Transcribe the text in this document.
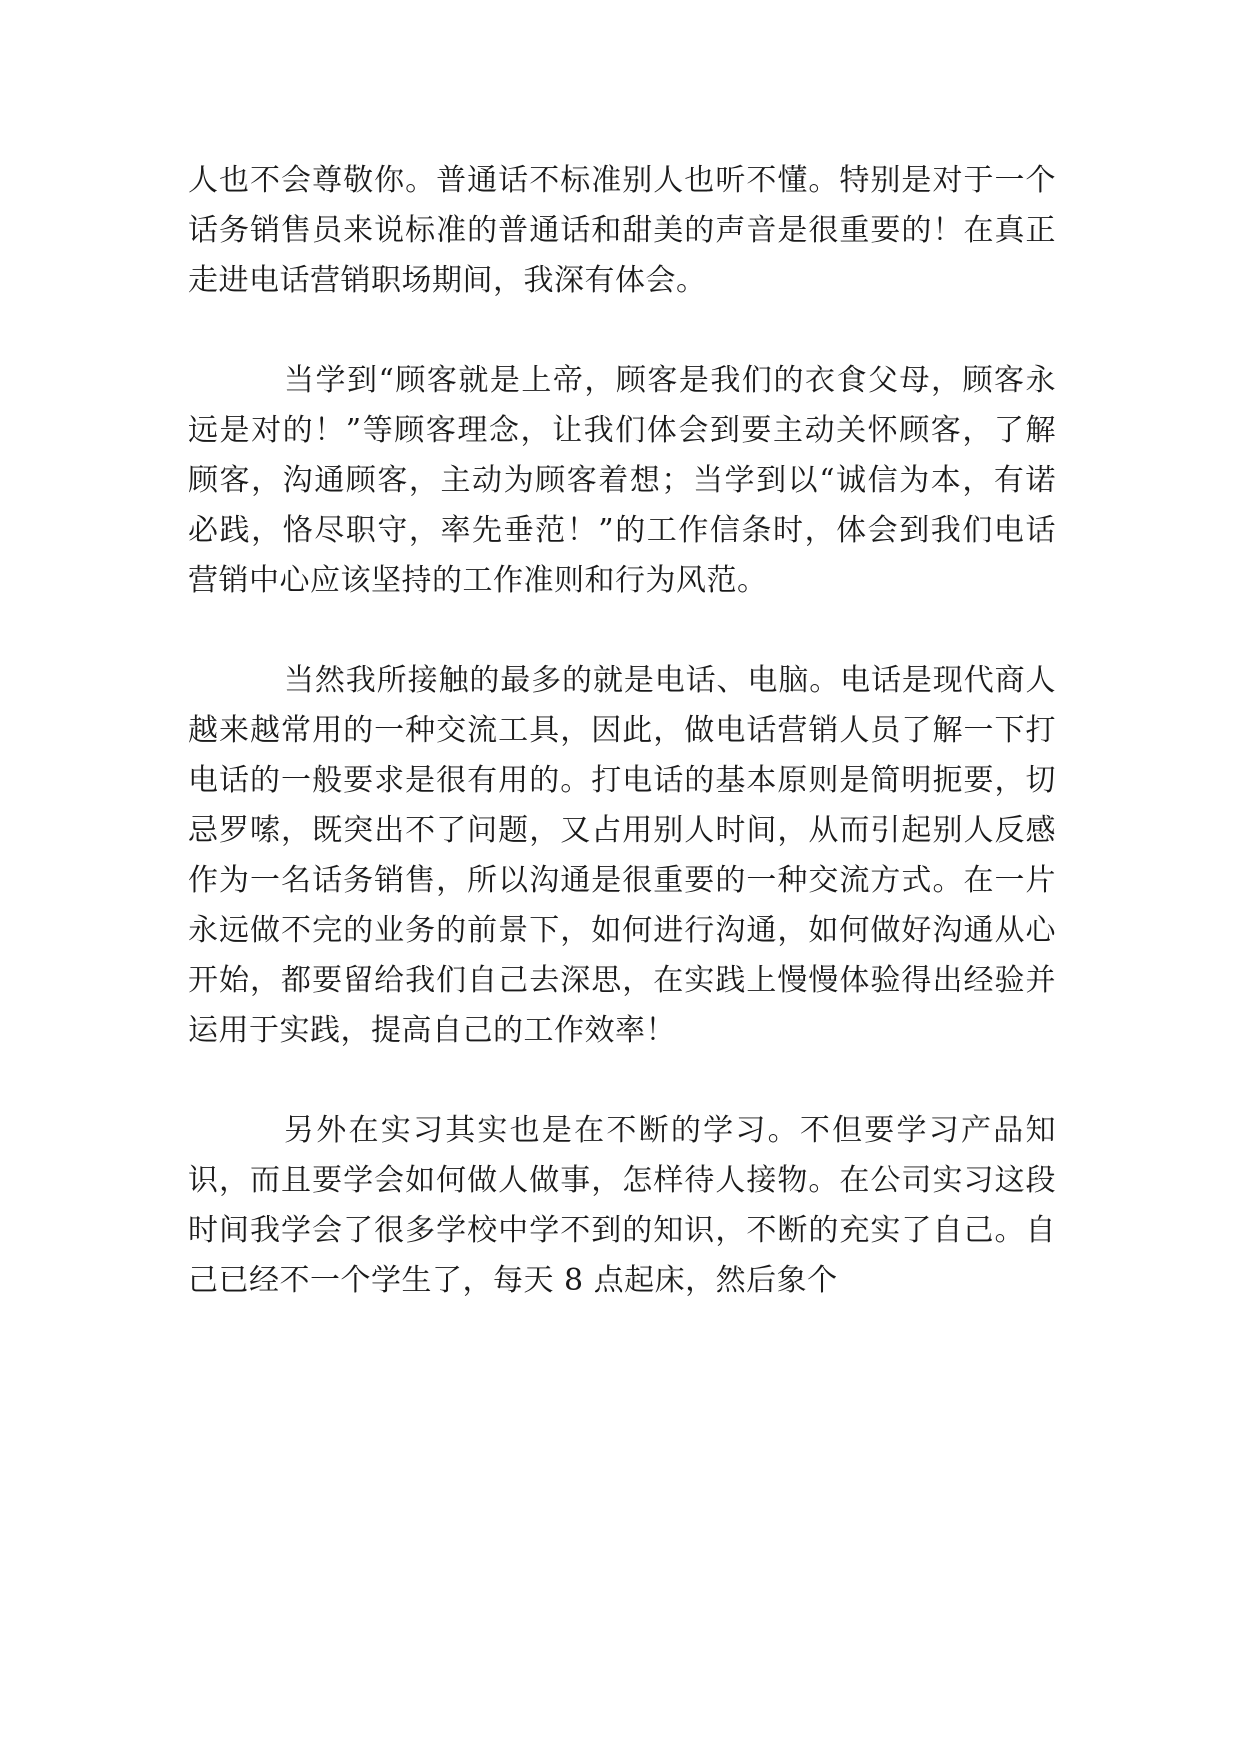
人也不会尊敬你。普通话不标准别人也听不懂。特别是对于一个话务销售员来说标准的普通话和甜美的声音是很重要的！在真正走进电话营销职场期间，我深有体会。

当学到“顾客就是上帝，顾客是我们的衣食父母，顾客永远是对的！”等顾客理念，让我们体会到要主动关怀顾客，了解顾客，沟通顾客，主动为顾客着想；当学到以“诚信为本，有诺必践，恪尽职守，率先垂范！”的工作信条时，体会到我们电话营销中心应该坚持的工作准则和行为风范。

当然我所接触的最多的就是电话、电脑。电话是现代商人越来越常用的一种交流工具，因此，做电话营销人员了解一下打电话的一般要求是很有用的。打电话的基本原则是简明扼要，切忌罗嗦，既突出不了问题，又占用别人时间，从而引起别人反感作为一名话务销售，所以沟通是很重要的一种交流方式。在一片永远做不完的业务的前景下，如何进行沟通，如何做好沟通从心开始，都要留给我们自己去深思，在实践上慢慢体验得出经验并运用于实践，提高自己的工作效率！

另外在实习其实也是在不断的学习。不但要学习产品知识，而且要学会如何做人做事，怎样待人接物。在公司实习这段时间我学会了很多学校中学不到的知识，不断的充实了自己。自己已经不一个学生了，每天 8 点起床，然后象个
